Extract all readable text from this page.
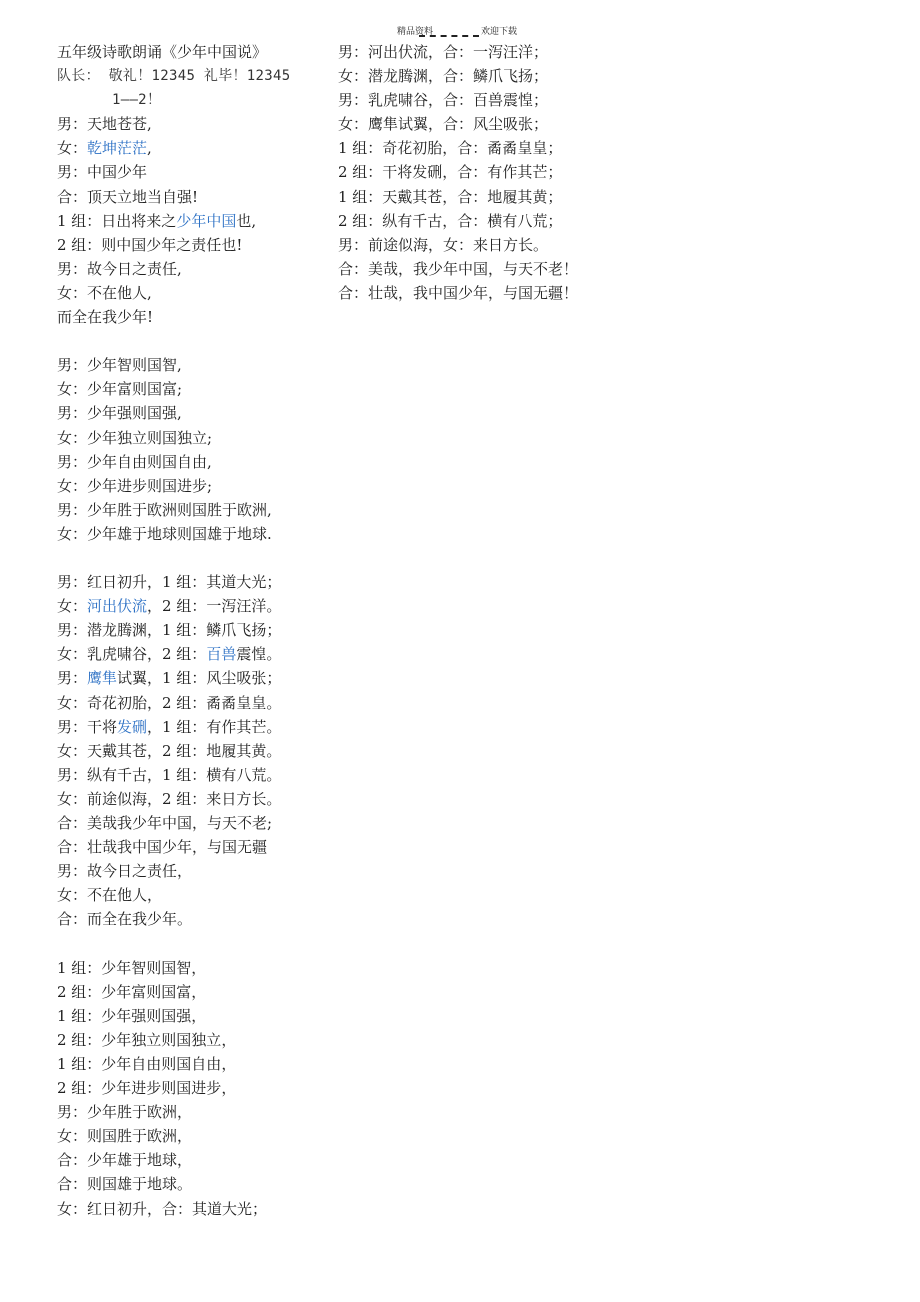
精品资料	欢迎下载
五年级诗歌朗诵《少年中国说》
队长： 敬礼！12345 礼毕！12345
1——2！
男：天地苍苍,
女：乾坤茫茫,
男：中国少年
合：顶天立地当自强!
1 组：日出将来之少年中国也,
2 组：则中国少年之责任也!
男：故今日之责任,
女：不在他人,
而全在我少年!
男：少年智则国智,
女：少年富则国富;
男：少年强则国强,
女：少年独立则国独立;
男：少年自由则国自由,
女：少年进步则国进步;
男：少年胜于欧洲则国胜于欧洲,
女：少年雄于地球则国雄于地球.
男：红日初升，1 组：其道大光；
女：河出伏流，2 组：一泻汪洋。
男：潜龙腾渊，1 组：鳞爪飞扬；
女：乳虎啸谷，2 组：百兽震惶。
男：鹰隼试翼，1 组：风尘吸张；
女：奇花初胎，2 组：矞矞皇皇。
男：干将发硎，1 组：有作其芒。
女：天戴其苍，2 组：地履其黄。
男：纵有千古，1 组：横有八荒。
女：前途似海，2 组：来日方长。
合：美哉我少年中国，与天不老;
合：壮哉我中国少年，与国无疆
男：故今日之责任，
女：不在他人，
合：而全在我少年。
1 组：少年智则国智，
2 组：少年富则国富，
1 组：少年强则国强，
2 组：少年独立则国独立，
1 组：少年自由则国自由，
2 组：少年进步则国进步，
男：少年胜于欧洲，
女：则国胜于欧洲，
合：少年雄于地球，
合：则国雄于地球。
女：红日初升，合：其道大光；
男：河出伏流，合：一泻汪洋；
女：潜龙腾渊，合：鳞爪飞扬；
男：乳虎啸谷，合：百兽震惶；
女：鹰隼试翼，合：风尘吸张；
1 组：奇花初胎，合：矞矞皇皇；
2 组：干将发硎，合：有作其芒；
1 组：天戴其苍，合：地履其黄；
2 组：纵有千古，合：横有八荒；
男：前途似海，女：来日方长。
合：美哉，我少年中国，与天不老！
合：壮哉，我中国少年，与国无疆！
